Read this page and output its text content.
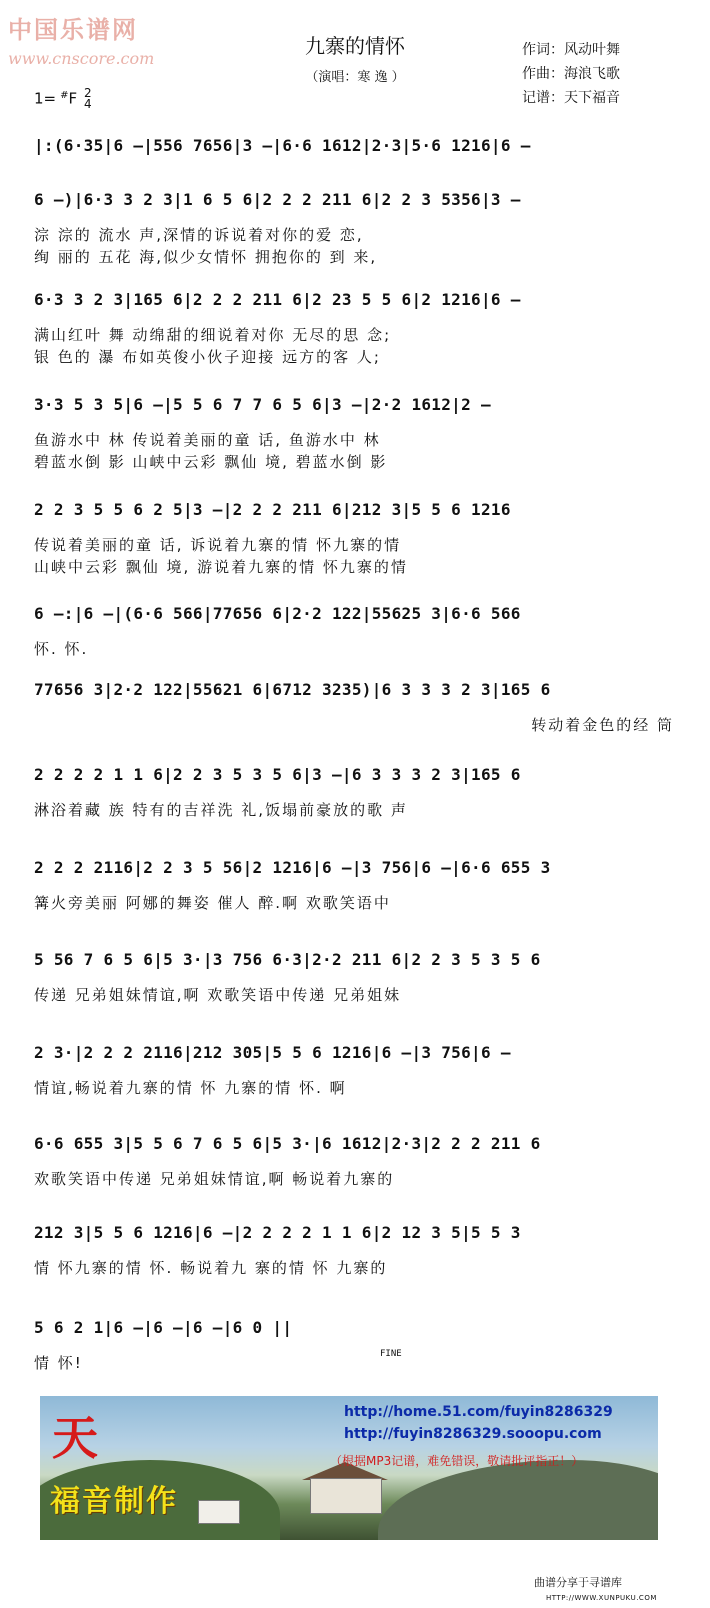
中国乐谱网
www.cnscore.com
九寨的情怀
（演唱：寒 逸 ）
作词：风动叶舞
作曲：海浪飞歌
记谱：天下福音
1= #F 2
4
|:(6·35|6 –|556 7656|3 –|6·6 1612|2·3|5·6 1216|6 –
6 –)|6·3 3 2 3|1 6 5 6|2 2 2 211 6|2 2 3 5356|3 –
淙 淙的 流水 声,深情的诉说着对你的爱 恋,
绚 丽的 五花 海,似少女情怀 拥抱你的 到 来,
6·3 3 2 3|165 6|2 2 2 211 6|2 23 5 5 6|2 1216|6 –
满山红叶 舞 动绵甜的细说着对你 无尽的思 念;
银 色的 瀑 布如英俊小伙子迎接 远方的客 人;
3·3 5 3 5|6 –|5 5 6 7 7 6 5 6|3 –|2·2 1612|2 –
鱼游水中 林 传说着美丽的童 话, 鱼游水中 林
碧蓝水倒 影 山峡中云彩 飘仙 境, 碧蓝水倒 影
2 2 3 5 5 6 2 5|3 –|2 2 2 211 6|212 3|5 5 6 1216
传说着美丽的童 话, 诉说着九寨的情 怀九寨的情
山峡中云彩 飘仙 境, 游说着九寨的情 怀九寨的情
6 –:|6 –|(6·6 566|77656 6|2·2 122|55625 3|6·6 566
怀. 怀.
77656 3|2·2 122|55621 6|6712 3235)|6 3 3 3 2 3|165 6
转动着金色的经 筒
2 2 2 2 1 1 6|2 2 3 5 3 5 6|3 –|6 3 3 3 2 3|165 6
淋浴着藏 族 特有的吉祥洗 礼,饭塌前豪放的歌 声
2 2 2 2116|2 2 3 5 56|2 1216|6 –|3 756|6 –|6·6 655 3
篝火旁美丽 阿娜的舞姿 催人 醉.啊 欢歌笑语中
5 56 7 6 5 6|5 3·|3 756 6·3|2·2 211 6|2 2 3 5 3 5 6
传递 兄弟姐妹情谊,啊 欢歌笑语中传递 兄弟姐妹
2 3·|2 2 2 2116|212 305|5 5 6 1216|6 –|3 756|6 –
情谊,畅说着九寨的情 怀 九寨的情 怀. 啊
6·6 655 3|5 5 6 7 6 5 6|5 3·|6 1612|2·3|2 2 2 211 6
欢歌笑语中传递 兄弟姐妹情谊,啊 畅说着九寨的
212 3|5 5 6 1216|6 –|2 2 2 2 1 1 6|2 12 3 5|5 5 3
情 怀九寨的情 怀. 畅说着九 寨的情 怀 九寨的
5 6 2 1|6 –|6 –|6 –|6 0 ||
情 怀!	FINE
天
福音制作
http://home.51.com/fuyin8286329
http://fuyin8286329.sooopu.com
（根据MP3记谱，难免错误，敬请批评指正！）
曲谱分享于寻谱库
HTTP://WWW.XUNPUKU.COM
